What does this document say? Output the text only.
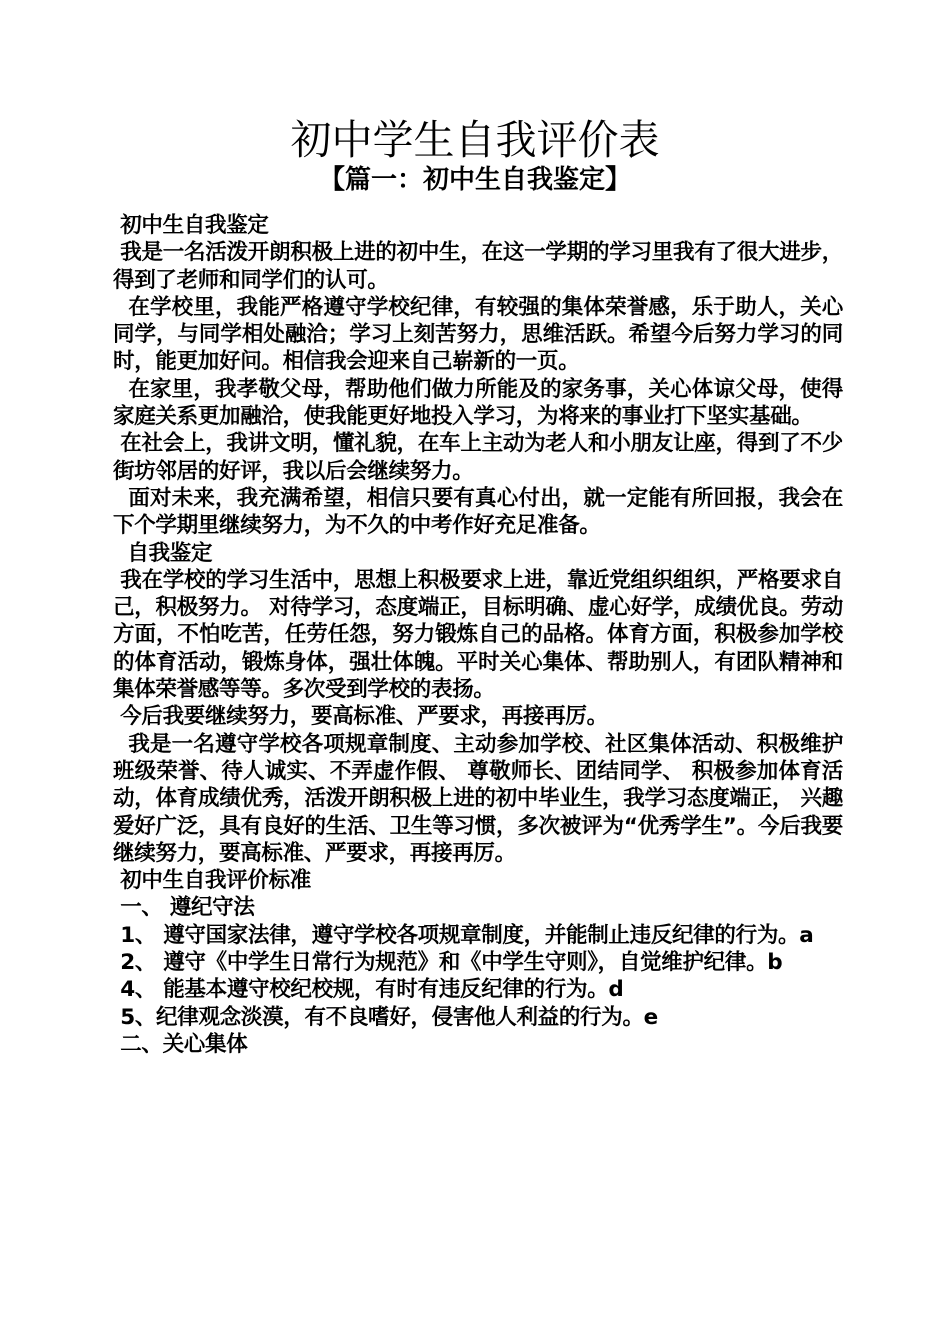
初中学生自我评价表
【篇一：初中生自我鉴定】

初中生自我鉴定

我是一名活泼开朗积极上进的初中生，在这一学期的学习里我有了很大进步，得到了老师和同学们的认可。

在学校里，我能严格遵守学校纪律，有较强的集体荣誉感，乐于助人，关心同学，与同学相处融洽；学习上刻苦努力，思维活跃。希望今后努力学习的同时，能更加好问。相信我会迎来自己崭新的一页。

在家里，我孝敬父母，帮助他们做力所能及的家务事，关心体谅父母，使得家庭关系更加融洽，使我能更好地投入学习，为将来的事业打下坚实基础。

在社会上，我讲文明，懂礼貌，在车上主动为老人和小朋友让座，得到了不少街坊邻居的好评，我以后会继续努力。

面对未来，我充满希望，相信只要有真心付出，就一定能有所回报，我会在下个学期里继续努力，为不久的中考作好充足准备。

自我鉴定

我在学校的学习生活中，思想上积极要求上进，靠近党组织组织，严格要求自己，积极努力。 对待学习，态度端正，目标明确、虚心好学，成绩优良。劳动方面，不怕吃苦，任劳任怨，努力锻炼自己的品格。体育方面，积极参加学校的体育活动，锻炼身体，强壮体魄。平时关心集体、帮助别人，有团队精神和集体荣誉感等等。多次受到学校的表扬。

今后我要继续努力，要高标准、严要求，再接再厉。

我是一名遵守学校各项规章制度、主动参加学校、社区集体活动、积极维护班级荣誉、待人诚实、不弄虚作假、 尊敬师长、团结同学、 积极参加体育活动，体育成绩优秀，活泼开朗积极上进的初中毕业生，我学习态度端正， 兴趣爱好广泛，具有良好的生活、卫生等习惯，多次被评为“优秀学生”。今后我要继续努力，要高标准、严要求，再接再厉。

初中生自我评价标准

一、 遵纪守法

1、 遵守国家法律，遵守学校各项规章制度，并能制止违反纪律的行为。a

2、 遵守《中学生日常行为规范》和《中学生守则》，自觉维护纪律。b

4、 能基本遵守校纪校规，有时有违反纪律的行为。d

5、纪律观念淡漠，有不良嗜好，侵害他人利益的行为。e

二、关心集体
